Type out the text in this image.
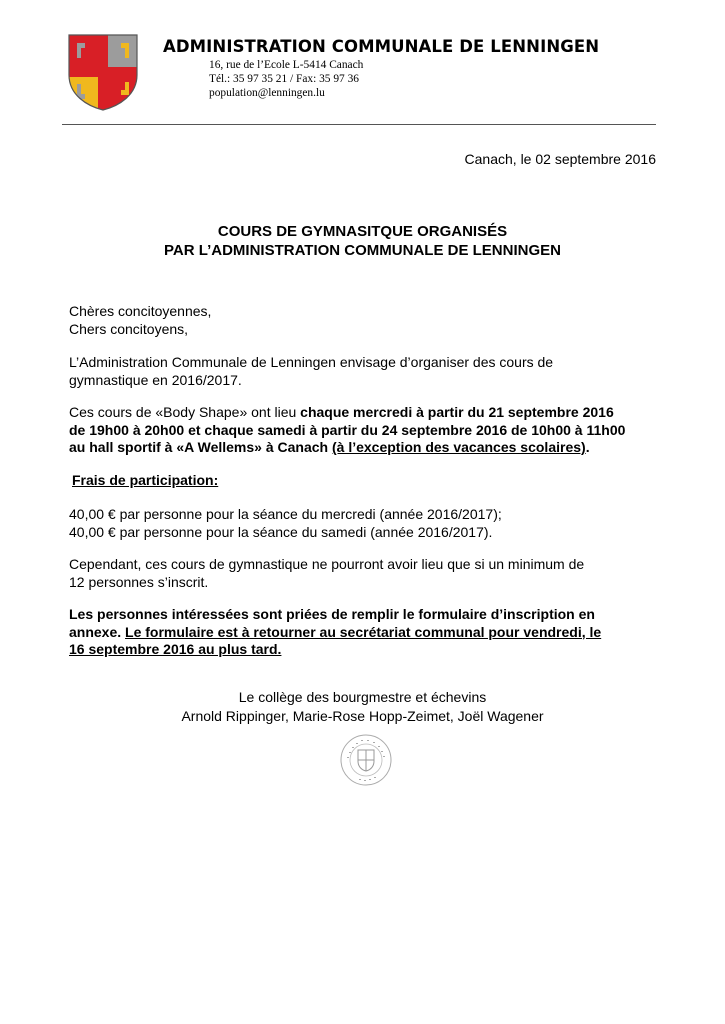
ADMINISTRATION COMMUNALE DE LENNINGEN
16, rue de l’Ecole L-5414 Canach
Tél.: 35 97 35 21 / Fax: 35 97 36
population@lenningen.lu
Canach, le 02 septembre 2016
COURS DE GYMNASITQUE ORGANISÉS
PAR L’ADMINISTRATION COMMUNALE DE LENNINGEN
Chères concitoyennes,
Chers concitoyens,
L’Administration Communale de Lenningen envisage d’organiser des cours de
gymnastique en 2016/2017.
Ces cours de «Body Shape» ont lieu chaque mercredi à partir du 21 septembre 2016
de 19h00 à 20h00 et chaque samedi à partir du 24 septembre 2016 de 10h00 à 11h00
au hall sportif à «A Wellems» à Canach (à l’exception des vacances scolaires).
Frais de participation:
40,00 € par personne pour la séance du mercredi (année 2016/2017);
40,00 € par personne pour la séance du samedi (année 2016/2017).
Cependant, ces cours de gymnastique ne pourront avoir lieu que si un minimum de
12 personnes s’inscrit.
Les personnes intéressées sont priées de remplir le formulaire d’inscription en
annexe. Le formulaire est à retourner au secrétariat communal pour vendredi, le
16 septembre 2016 au plus tard.
Le collège des bourgmestre et échevins
Arnold Rippinger, Marie-Rose Hopp-Zeimet, Joël Wagener
